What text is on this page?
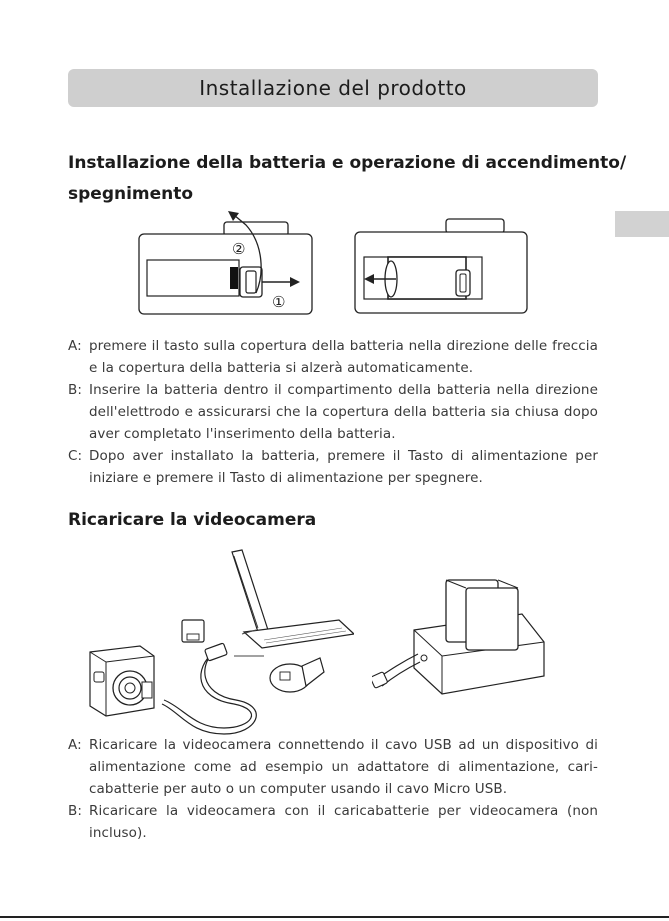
Installazione del prodotto
Installazione della batteria e operazione di accendimento/
spegnimento
②
①
A: premere il tasto sulla copertura della batteria nella direzione delle freccia e la copertura della batteria si alzerà automaticamente.
B: Inserire la batteria dentro il compartimento della batteria nella direzione dell'elettrodo e assicurarsi che la copertura della batteria sia chiusa dopo aver completato l'inserimento della batteria.
C: Dopo aver installato la batteria, premere il Tasto di alimentazione per iniziare e premere il Tasto di alimentazione per spegnere.
Ricaricare la videocamera
A: Ricaricare la videocamera connettendo il cavo USB ad un dispositivo di alimentazione come ad esempio un adattatore di alimentazione, cari-cabatterie per auto o un computer usando il cavo Micro USB.
B: Ricaricare la videocamera con il caricabatterie per videocamera (non incluso).
